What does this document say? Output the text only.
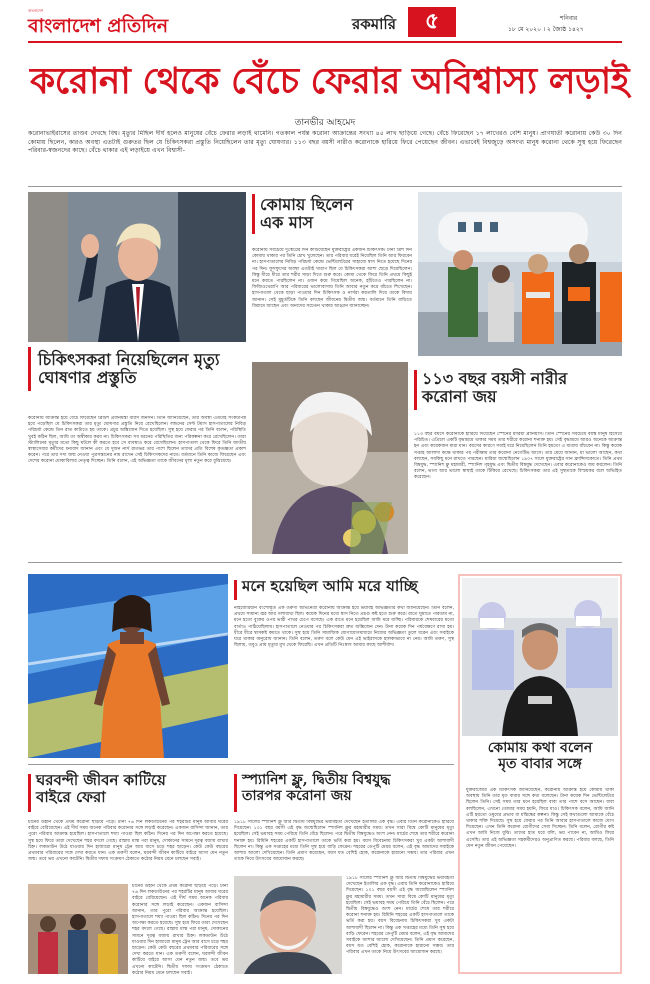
বাংলাদেশ
বাংলাদেশ প্রতিদিন	রকমারি	৫	শনিবার
১৮ মে ২০২০ । ২ জ্যৈষ্ঠ ১৪২৭
করোনা থেকে বেঁচে ফেরার অবিশ্বাস্য লড়াই
তানভীর আহমেদ
করোনাভাইরাসের তাণ্ডব দেখছে বিশ্ব। মৃত্যুর মিছিল দীর্ঘ হলেও মানুষের বেঁচে ফেরার লড়াই থামেনি। গতকাল পর্যন্ত করোনা আক্রান্তের সংখ্যা ৪৫ লাখ ছাড়িয়ে গেছে। বেঁচে ফিরেছেন ১৭ লাখেরও বেশি মানুষ। প্রাণঘাতী করোনায় কেউ ৩০ দিন কোমায় ছিলেন, কারও অবস্থা এতটাই গুরুতর ছিল যে চিকিৎসকরা প্রস্তুতি নিয়েছিলেন তার মৃত্যু ঘোষণার। ১১৩ বছর বয়সী নারীও করোনাকে হারিয়ে ফিরে পেয়েছেন জীবন। এভাবেই বিশ্বজুড়ে অসংখ্য মানুষ করোনা থেকে সুস্থ হয়ে ফিরেছেন পরিবার-স্বজনদের কাছে। বেঁচে থাকার এই লড়াইয়ে এখন বিশ্বাসী-
চিকিৎসকরা নিয়েছিলেন মৃত্যু
ঘোষণার প্রস্তুতি
করোনায় আক্রান্ত হয়ে বেঁচে ফিরেছেন ব্রিটিশ প্রধানমন্ত্রী বরিস জনসন। তিনি জানিয়েছেন, তার অবস্থা এতটাই সংকটাপন্ন হয়ে পড়েছিল যে চিকিৎসকরা তার মৃত্যু ঘোষণার প্রস্তুতি নিয়ে রেখেছিলেন। লন্ডনের সেন্ট টমাস হাসপাতালের নিবিড় পরিচর্যা কেন্দ্রে তিন রাত কাটাতে হয় তাকে। প্রচুর অক্সিজেন দিতে হয়েছিল। সুস্থ হয়ে ফেরার পর তিনি বলেন, পরিস্থিতি খুবই কঠিন ছিল, আমি তা অস্বীকার করব না। চিকিৎসকরা সব ধরনের পরিস্থিতির জন্য পরিকল্পনা করে রেখেছিলেন। তারা স্ট্যালিনের মৃত্যুর মতো কিছু ঘটলে কী করতে হবে সে ব্যবস্থাও করে রেখেছিলেন। হাসপাতাল থেকে ফিরে তিনি জাতীয় স্বাস্থ্যসেবার কর্মীদের ধন্যবাদ জানান এবং যে দুজন নার্স রাতভর তার পাশে ছিলেন তাদের প্রতি বিশেষ কৃতজ্ঞতা প্রকাশ করেন। পরে তার সদ্য জন্ম নেওয়া পুত্রসন্তানের নাম রাখেন সেই চিকিৎসকদের নামে। বর্তমানে তিনি কাজে ফিরেছেন এবং দেশের করোনা মোকাবিলার নেতৃত্ব দিচ্ছেন। তিনি বলেন, এই অভিজ্ঞতা তাকে জীবনের মূল্য নতুন করে বুঝিয়েছে।
কোমায় ছিলেন
এক মাস
করোনায় সবচেয়ে দুঃস্বপ্নের দিন কাটিয়েছেন যুক্তরাষ্ট্রের একজন চিকিৎসক। টানা ত্রিশ দিন কোমায় থাকার পর তিনি চোখ খুলেছেন। তার পরিবার ধরেই নিয়েছিল তিনি আর ফিরবেন না। হাসপাতালের নিবিড় পরিচর্যা কেন্দ্রে ভেন্টিলেটরের সাহায্যে শ্বাস নিতে হয়েছে দিনের পর দিন। ফুসফুসের অবস্থা এতটাই খারাপ ছিল যে চিকিৎসকরা আশা ছেড়ে দিয়েছিলেন। কিন্তু ধীরে ধীরে তার শরীর সাড়া দিতে শুরু করে। কোমা থেকে ফিরে তিনি প্রথমে কিছুই মনে করতে পারছিলেন না। ওজন কমে গিয়েছিল অনেক, হাঁটতেও পারছিলেন না। ফিজিওথেরাপি আর পরিবারের ভালোবাসায় তিনি আবার নতুন করে বাঁচতে শিখেছেন। হাসপাতাল থেকে ছাড়া পাওয়ার দিন চিকিৎসক ও নার্সরা করতালি দিয়ে তাকে বিদায় জানান। সেই মুহূর্তটিকে তিনি বলছেন জীবনের দ্বিতীয় জন্ম। বর্তমানে তিনি বাড়িতে বিশ্রামে আছেন এবং অন্যদের সচেতন থাকার আহ্বান জানাচ্ছেন।
১১৩ বছর বয়সী নারীর
করোনা জয়
১১৩ বছর বয়সে করোনাকে হারিয়ে দিয়েছেন স্পেনের মারিয়া ব্রানিয়াস। তিনি স্পেনের সবচেয়ে বয়স্ক মানুষ হিসেবে পরিচিত। এপ্রিলে একটি বৃদ্ধাশ্রমে থাকার সময় তার শরীরে করোনা শনাক্ত হয়। সেই বৃদ্ধাশ্রমে আরও অনেকে আক্রান্ত হন এবং কয়েকজন মারা যান। বয়সের কারণে সবাই ধরে নিয়েছিলেন তিনি হয়তো এ যাত্রায় বাঁচবেন না। কিন্তু কয়েক সপ্তাহ আলাদা কক্ষে থাকার পর পরীক্ষায় তার করোনা নেগেটিভ আসে। তার মেয়ে জানান, মা ভালো আছেন, কথা বলছেন, সবকিছু মনে রাখতে পারছেন। মারিয়া জন্মেছিলেন ১৯০৭ সালে যুক্তরাষ্ট্রের সান ফ্রান্সিসকোতে। তিনি প্রথম বিশ্বযুদ্ধ, স্প্যানিশ ফ্লু মহামারী, স্প্যানিশ গৃহযুদ্ধ এবং দ্বিতীয় বিশ্বযুদ্ধ দেখেছেন। এবার করোনাকেও জয় করলেন। তিনি বলেন, ভাগ্য আর ভালো স্বাস্থ্যই তাকে টিকিয়ে রেখেছে। চিকিৎসকরা তার এই সুস্থতাকে বিস্ময়কর বলে অভিহিত করেছেন।
মনে হয়েছিল আমি মরে যাচ্ছি
নাইজেরিয়ান বংশোদ্ভূত এক তরুণী অভিনেত্রী করোনায় আক্রান্ত হয়ে ভয়াবহ অভিজ্ঞতার কথা জানিয়েছেন। তিনি বলেন, প্রথমে সামান্য জ্বর আর গলাব্যথা ছিল। কয়েক দিনের মধ্যে শ্বাস নিতে প্রচণ্ড কষ্ট হতে শুরু করে। রাতে ঘুমাতে পারতাম না, মনে হতো বুকের ওপর ভারী পাথর চেপে বসেছে। এক রাতে মনে হয়েছিল আমি মরে যাচ্ছি। পরিবারকে শেষবারের মতো বার্তাও পাঠিয়েছিলাম। হাসপাতালে নেওয়ার পর চিকিৎসকরা দ্রুত অক্সিজেন দেন। টানা কয়েক দিন পর্যবেক্ষণে রাখা হয়। ধীরে ধীরে শ্বাসকষ্ট কমতে থাকে। সুস্থ হয়ে তিনি সামাজিক যোগাযোগমাধ্যমে নিজের অভিজ্ঞতা তুলে ধরেন এবং সবাইকে ঘরে থাকার অনুরোধ জানান। তিনি বলেন, তরুণ বলে কেউ যেন এই ভাইরাসকে হালকাভাবে না নেয়। আমি তরুণ, সুস্থ ছিলাম, তবুও প্রায় মৃত্যুর মুখ থেকে ফিরেছি। এখন প্রতিটি নিঃশ্বাস আমার কাছে আশীর্বাদ।
কোমায় কথা বলেন
মৃত বাবার সঙ্গে
যুক্তরাজ্যের এক চিকিৎসক জানিয়েছেন, করোনায় আক্রান্ত হয়ে কোমায় থাকা অবস্থায় তিনি তার মৃত বাবার সঙ্গে কথা বলেছেন। টানা কয়েক দিন ভেন্টিলেটরে ছিলেন তিনি। সেই সময় তার মনে হয়েছিল বাবা তার পাশে বসে আছেন। বাবা বলছিলেন, এখনো তোমার সময় হয়নি, ফিরে যাও। চিকিৎসক বলেন, আমি জানি এটি হয়তো ওষুধের প্রভাব বা মস্তিষ্কের কল্পনা। কিন্তু সেই কথাগুলো আমাকে বেঁচে থাকার শক্তি দিয়েছে। সুস্থ হয়ে ফেরার পর তিনি আবার হাসপাতালে কাজে যোগ দিয়েছেন। এখন তিনি করোনা রোগীদের সেবা দিচ্ছেন। তিনি বলেন, রোগীর কষ্ট এখন আমি নিজে বুঝি। তাদের হাত ধরে বলি, ভয় পাবেন না, আমিও ফিরে এসেছি। তার এই অভিজ্ঞতা সহকর্মীদেরও অনুপ্রাণিত করছে। পরিবার বলছে, তিনি যেন নতুন জীবন পেয়েছেন।
ঘরবন্দী জীবন কাটিয়ে
বাইরে ফেরা
চীনের উহান থেকে প্রথম করোনা ছড়িয়ে পড়ে। টানা ৭৬ দিন লকডাউনের পর শহরটির মানুষ আবার ঘরের বাইরে বেরিয়েছেন। এই দীর্ঘ সময় অনেক পরিবার করোনার সঙ্গে লড়াই করেছেন। একজন বাসিন্দা জানান, তার পুরো পরিবার আক্রান্ত হয়েছিল। হাসপাতালে শয্যা পাওয়া ছিল কঠিন। দিনের পর দিন অপেক্ষা করতে হয়েছে। সুস্থ হয়ে ফিরে তারা দেখেছেন শহর বদলে গেছে। রাস্তায় মাস্ক পরা মানুষ, দোকানের সামনে দূরত্ব বজায় রাখার চিহ্ন। লকডাউন উঠে যাওয়ার দিন হাজারো মানুষ ট্রেন আর বাসে চড়ে শহর ছাড়েন। কেউ কেউ বছরের প্রথমবার পরিবারের সঙ্গে দেখা করতে যান। এক তরুণী বলেন, ঘরবন্দী জীবন কাটিয়ে বাইরে আসা যেন নতুন জন্ম। তবে ভয় এখনো কাটেনি। দ্বিতীয় দফায় সংক্রমণ ঠেকাতে কঠোর নিয়ম মেনে চলছেন সবাই।
চীনের উহান থেকে প্রথম করোনা ছড়িয়ে পড়ে। টানা ৭৬ দিন লকডাউনের পর শহরটির মানুষ আবার ঘরের বাইরে বেরিয়েছেন। এই দীর্ঘ সময় অনেক পরিবার করোনার সঙ্গে লড়াই করেছেন। একজন বাসিন্দা জানান, তার পুরো পরিবার আক্রান্ত হয়েছিল। হাসপাতালে শয্যা পাওয়া ছিল কঠিন। দিনের পর দিন অপেক্ষা করতে হয়েছে। সুস্থ হয়ে ফিরে তারা দেখেছেন শহর বদলে গেছে। রাস্তায় মাস্ক পরা মানুষ, দোকানের সামনে দূরত্ব বজায় রাখার চিহ্ন। লকডাউন উঠে যাওয়ার দিন হাজারো মানুষ ট্রেন আর বাসে চড়ে শহর ছাড়েন। কেউ কেউ বছরের প্রথমবার পরিবারের সঙ্গে দেখা করতে যান। এক তরুণী বলেন, ঘরবন্দী জীবন কাটিয়ে বাইরে আসা যেন নতুন জন্ম। তবে ভয় এখনো কাটেনি। দ্বিতীয় দফায় সংক্রমণ ঠেকাতে কঠোর নিয়ম মেনে চলছেন সবাই।
স্প্যানিশ ফ্লু, দ্বিতীয় বিশ্বযুদ্ধ
তারপর করোনা জয়
১৯১৮ সালের স্প্যানিশ ফ্লু আর দ্বিতীয় বিশ্বযুদ্ধের ভয়াবহতা দেখেছেন ইতালির এক বৃদ্ধ। এবার তিনি করোনাকেও হারিয়ে দিয়েছেন। ১০১ বছর বয়সী এই বৃদ্ধ জন্মেছিলেন স্প্যানিশ ফ্লুর মহামারীর সময়। তখন সারা বিশ্বে কোটি মানুষের মৃত্যু হয়েছিল। সেই ভয়াবহ সময় পেরিয়ে তিনি বেঁচে ছিলেন। পরে দ্বিতীয় বিশ্বযুদ্ধেও অংশ নেন। মার্চের শেষে তার শরীরে করোনা শনাক্ত হয়। রিমিনি শহরের একটি হাসপাতালে তাকে ভর্তি করা হয়। বয়স বিবেচনায় চিকিৎসকরা খুব একটা আশাবাদী ছিলেন না। কিন্তু এক সপ্তাহের মধ্যে তিনি সুস্থ হয়ে বাড়ি ফেরেন। শহরের ডেপুটি মেয়র বলেন, এই বৃদ্ধ আমাদের সবাইকে আশার আলো দেখিয়েছেন। তিনি প্রমাণ করেছেন, বয়স যত বেশিই হোক, করোনাকে হারানো সম্ভব। তার পরিবার এখন তাকে নিয়ে উৎসবের আয়োজন করছে।
১৯১৮ সালের স্প্যানিশ ফ্লু আর দ্বিতীয় বিশ্বযুদ্ধের ভয়াবহতা দেখেছেন ইতালির এক বৃদ্ধ। এবার তিনি করোনাকেও হারিয়ে দিয়েছেন। ১০১ বছর বয়সী এই বৃদ্ধ জন্মেছিলেন স্প্যানিশ ফ্লুর মহামারীর সময়। তখন সারা বিশ্বে কোটি মানুষের মৃত্যু হয়েছিল। সেই ভয়াবহ সময় পেরিয়ে তিনি বেঁচে ছিলেন। পরে দ্বিতীয় বিশ্বযুদ্ধেও অংশ নেন। মার্চের শেষে তার শরীরে করোনা শনাক্ত হয়। রিমিনি শহরের একটি হাসপাতালে তাকে ভর্তি করা হয়। বয়স বিবেচনায় চিকিৎসকরা খুব একটা আশাবাদী ছিলেন না। কিন্তু এক সপ্তাহের মধ্যে তিনি সুস্থ হয়ে বাড়ি ফেরেন। শহরের ডেপুটি মেয়র বলেন, এই বৃদ্ধ আমাদের সবাইকে আশার আলো দেখিয়েছেন। তিনি প্রমাণ করেছেন, বয়স যত বেশিই হোক, করোনাকে হারানো সম্ভব। তার পরিবার এখন তাকে নিয়ে উৎসবের আয়োজন করছে।
